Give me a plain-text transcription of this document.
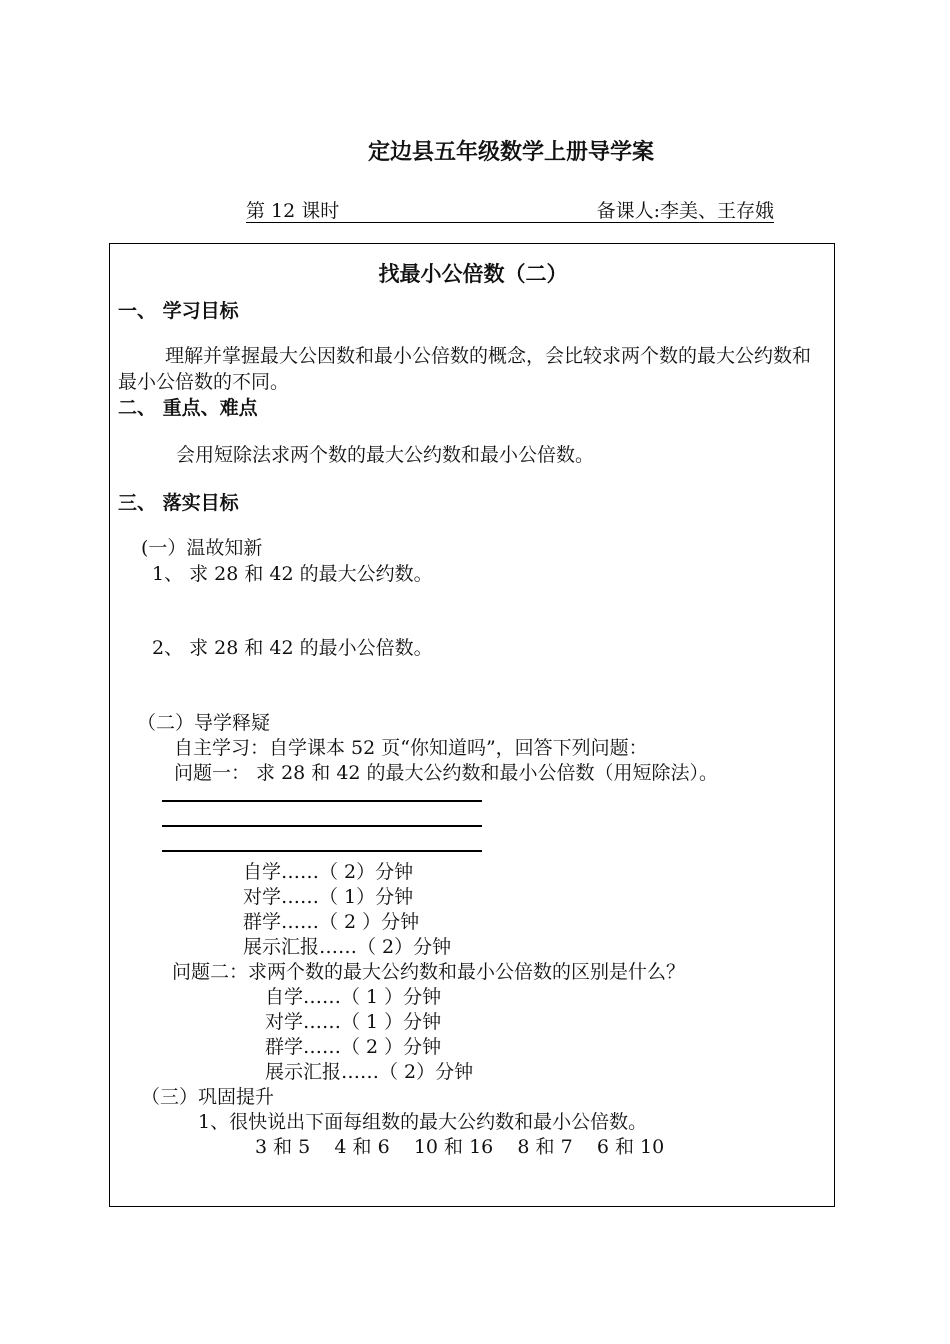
定边县五年级数学上册导学案
第 12 课时	备课人:李美、王存娥
找最小公倍数（二）
一、 学习目标
理解并掌握最大公因数和最小公倍数的概念，会比较求两个数的最大公约数和最小公倍数的不同。
二、 重点、难点
会用短除法求两个数的最大公约数和最小公倍数。
三、 落实目标
(一）温故知新
1、 求 28 和 42 的最大公约数。
2、 求 28 和 42 的最小公倍数。
（二）导学释疑
自主学习：自学课本 52 页“你知道吗”，回答下列问题：
问题一： 求 28 和 42 的最大公约数和最小公倍数（用短除法）。
自学……（ 2）分钟
对学……（ 1）分钟
群学……（ 2 ）分钟
展示汇报……（ 2）分钟
问题二：求两个数的最大公约数和最小公倍数的区别是什么？
自学……（ 1 ）分钟
对学……（ 1 ）分钟
群学……（ 2 ）分钟
展示汇报……（ 2）分钟
（三）巩固提升
1、很快说出下面每组数的最大公约数和最小公倍数。
3 和 5    4 和 6    10 和 16    8 和 7    6 和 10
